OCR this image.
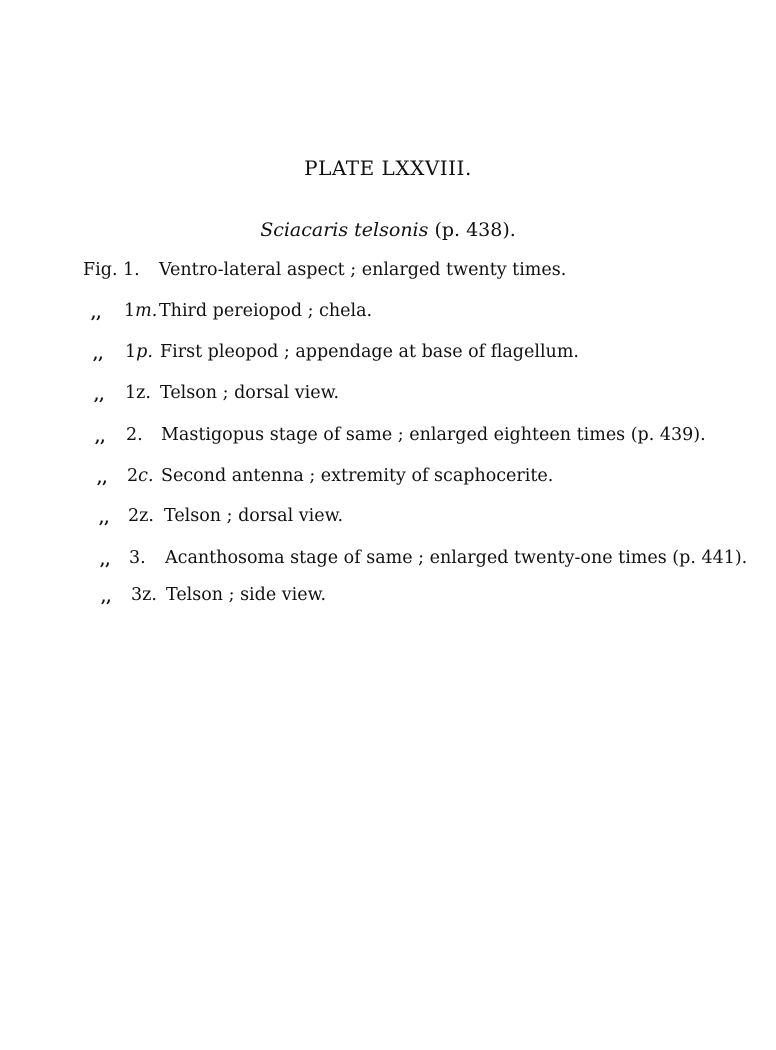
PLATE LXXVIII.

Sciacaris telsonis (p. 438).

Fig. 1. Ventro-lateral aspect ; enlarged twenty times.
,, 1m. Third pereiopod ; chela.
,, 1p. First pleopod ; appendage at base of flagellum.
,, 1z. Telson ; dorsal view.
,, 2. Mastigopus stage of same ; enlarged eighteen times (p. 439).
,, 2c. Second antenna ; extremity of scaphocerite.
,, 2z. Telson ; dorsal view.
,, 3. Acanthosoma stage of same ; enlarged twenty-one times (p. 441).
,, 3z. Telson ; side view.
